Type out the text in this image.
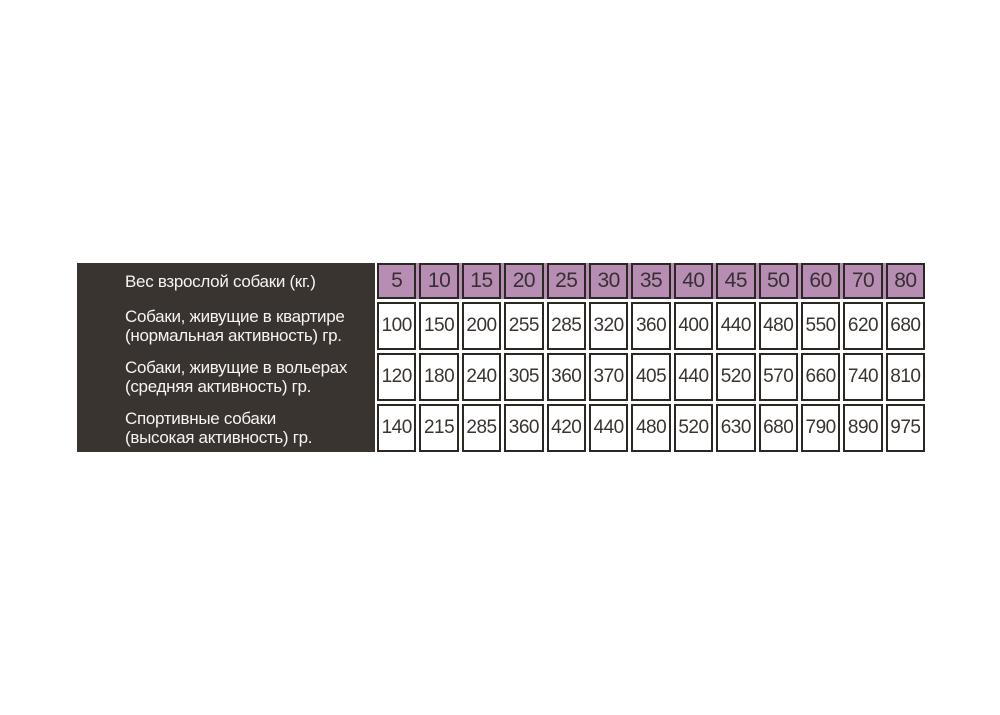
Вес взрослой собаки (кг.)
Собаки, живущие в квартире
(нормальная активность) гр.
Собаки, живущие в вольерах
(средняя активность) гр.
Спортивные собаки
(высокая активность) гр.
5	10 15 20 25 30 35 40 45 50 60 70 80
100 150 200 255 285 320 360 400 440 480 550 620 680
120 180 240 305 360 370 405 440 520 570 660 740 810
140 215 285 360 420 440 480 520 630 680 790 890 975
